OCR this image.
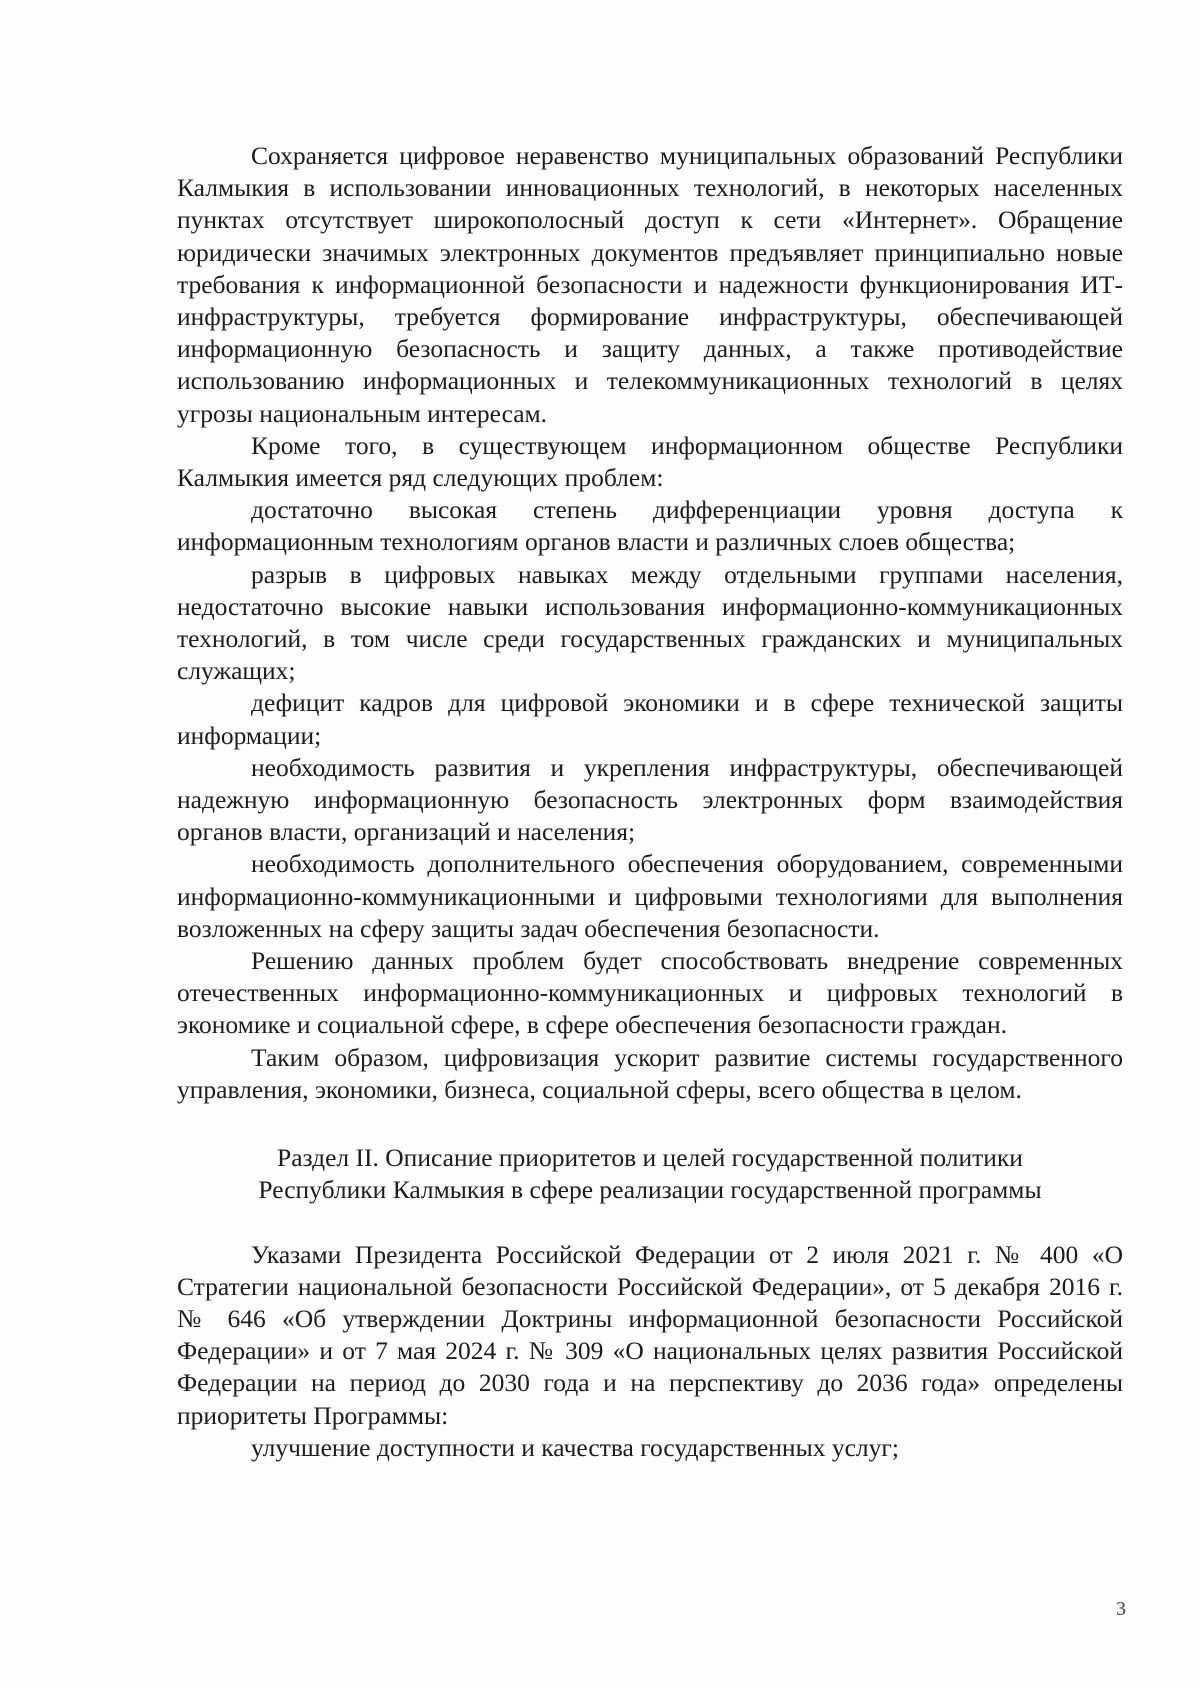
Сохраняется цифровое неравенство муниципальных образований Республики Калмыкия в использовании инновационных технологий, в некоторых населенных пунктах отсутствует широкополосный доступ к сети «Интернет». Обращение юридически значимых электронных документов предъявляет принципиально новые требования к информационной безопасности и надежности функционирования ИТ-инфраструктуры, требуется формирование инфраструктуры, обеспечивающей информационную безопасность и защиту данных, а также противодействие использованию информационных и телекоммуникационных технологий в целях угрозы национальным интересам.

Кроме того, в существующем информационном обществе Республики Калмыкия имеется ряд следующих проблем:

достаточно высокая степень дифференциации уровня доступа к информационным технологиям органов власти и различных слоев общества;

разрыв в цифровых навыках между отдельными группами населения, недостаточно высокие навыки использования информационно-коммуникационных технологий, в том числе среди государственных гражданских и муниципальных служащих;

дефицит кадров для цифровой экономики и в сфере технической защиты информации;

необходимость развития и укрепления инфраструктуры, обеспечивающей надежную информационную безопасность электронных форм взаимодействия органов власти, организаций и населения;

необходимость дополнительного обеспечения оборудованием, современными информационно-коммуникационными и цифровыми технологиями для выполнения возложенных на сферу защиты задач обеспечения безопасности.

Решению данных проблем будет способствовать внедрение современных отечественных информационно-коммуникационных и цифровых технологий в экономике и социальной сфере, в сфере обеспечения безопасности граждан.

Таким образом, цифровизация ускорит развитие системы государственного управления, экономики, бизнеса, социальной сферы, всего общества в целом.

Раздел II. Описание приоритетов и целей государственной политики
Республики Калмыкия в сфере реализации государственной программы

Указами Президента Российской Федерации от 2 июля 2021 г. № 400 «О Стратегии национальной безопасности Российской Федерации», от 5 декабря 2016 г. № 646 «Об утверждении Доктрины информационной безопасности Российской Федерации» и от 7 мая 2024 г. № 309 «О национальных целях развития Российской Федерации на период до 2030 года и на перспективу до 2036 года» определены приоритеты Программы:

улучшение доступности и качества государственных услуг;

3
